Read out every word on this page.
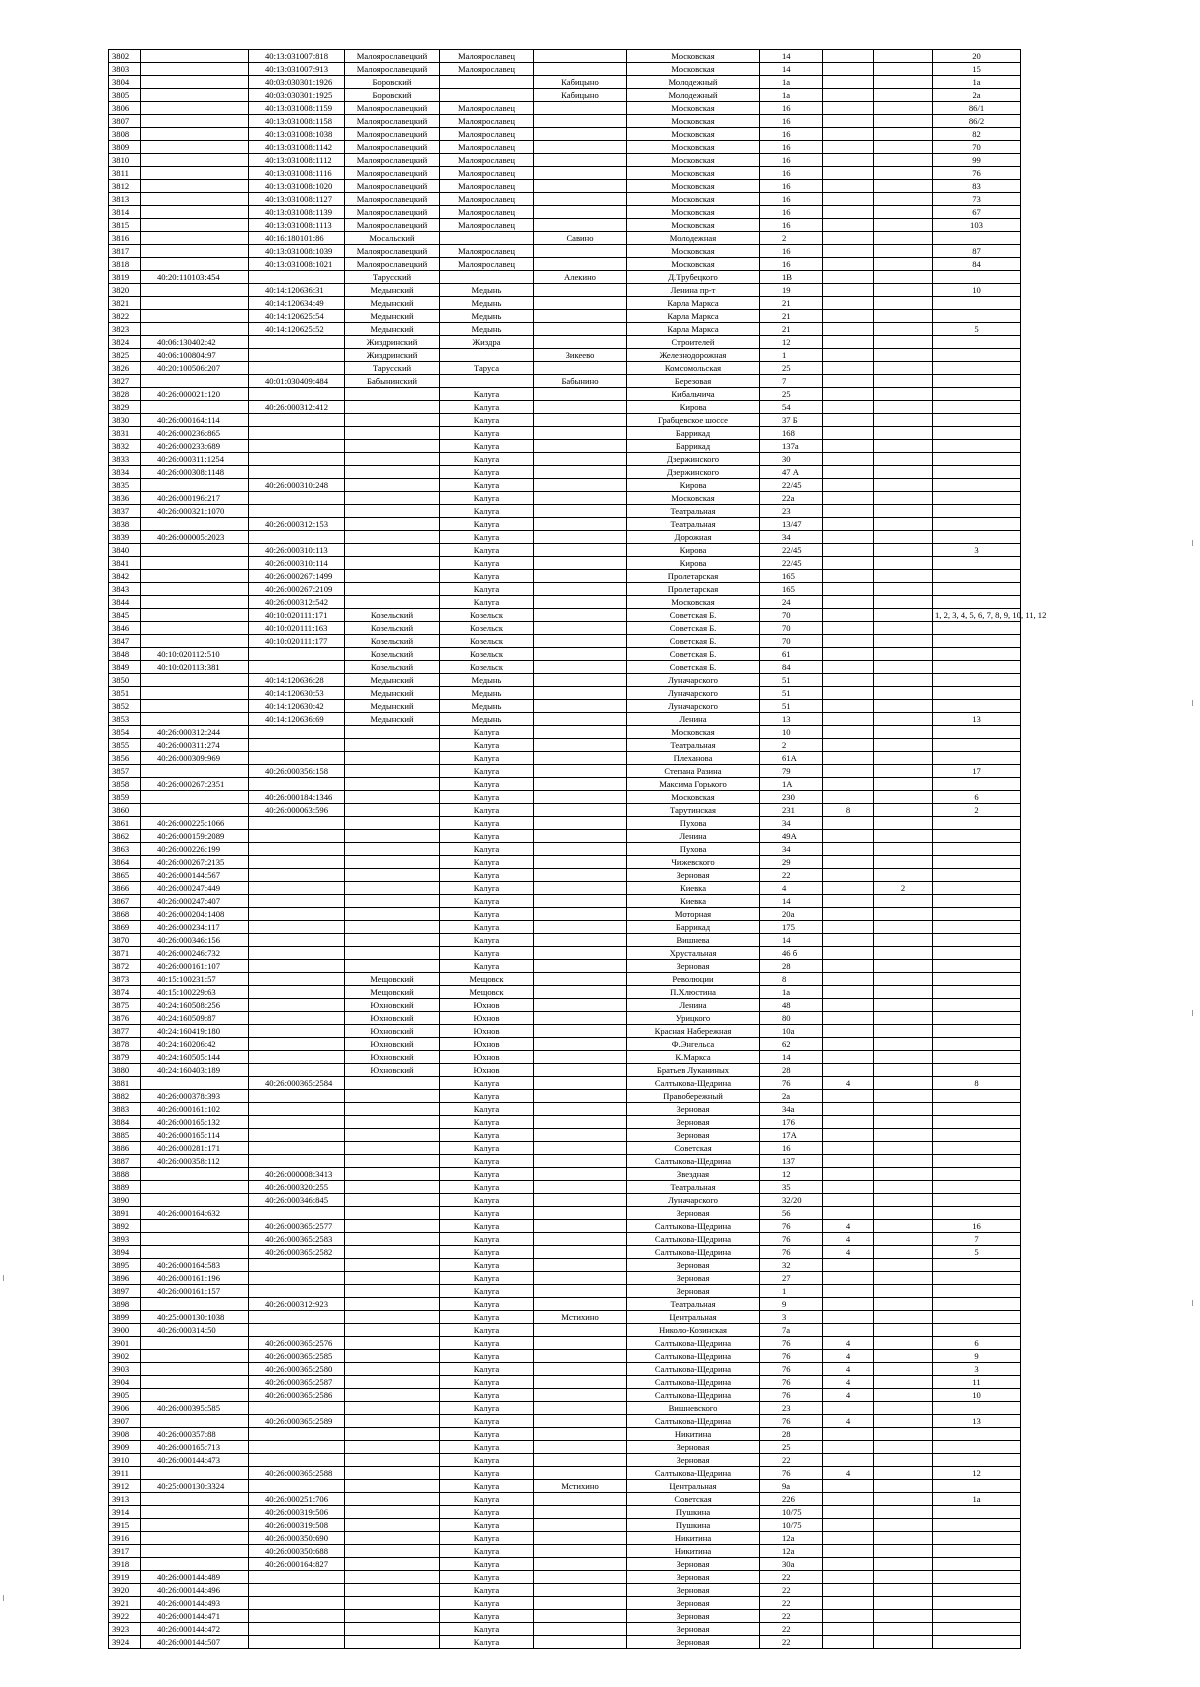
3802		40:13:031007:818	Малоярославецкий	Малоярославец		Московская	14			20
3803		40:13:031007:913	Малоярославецкий	Малоярославец		Московская	14			15
3804		40:03:030301:1926	Боровский		Кабицыно	Молодежный	1а			1а
3805		40:03:030301:1925	Боровский		Кабицыно	Молодежный	1а			2а
3806		40:13:031008:1159	Малоярославецкий	Малоярославец		Московская	16			86/1
3807		40:13:031008:1158	Малоярославецкий	Малоярославец		Московская	16			86/2
3808		40:13:031008:1038	Малоярославецкий	Малоярославец		Московская	16			82
3809		40:13:031008:1142	Малоярославецкий	Малоярославец		Московская	16			70
3810		40:13:031008:1112	Малоярославецкий	Малоярославец		Московская	16			99
3811		40:13:031008:1116	Малоярославецкий	Малоярославец		Московская	16			76
3812		40:13:031008:1020	Малоярославецкий	Малоярославец		Московская	16			83
3813		40:13:031008:1127	Малоярославецкий	Малоярославец		Московская	16			73
3814		40:13:031008:1139	Малоярославецкий	Малоярославец		Московская	16			67
3815		40:13:031008:1113	Малоярославецкий	Малоярославец		Московская	16			103
3816		40:16:180101:86	Мосальский		Савино	Молодежная	2			
3817		40:13:031008:1039	Малоярославецкий	Малоярославец		Московская	16			87
3818		40:13:031008:1021	Малоярославецкий	Малоярославец		Московская	16			84
3819	40:20:110103:454		Тарусский		Алекино	Д.Трубецкого	1В			
3820		40:14:120636:31	Медынский	Медынь		Ленина пр-т	19			10
3821		40:14:120634:49	Медынский	Медынь		Карла Маркса	21			
3822		40:14:120625:54	Медынский	Медынь		Карла Маркса	21			
3823		40:14:120625:52	Медынский	Медынь		Карла Маркса	21			5
3824	40:06:130402:42		Жиздринский	Жиздра		Строителей	12			
3825	40:06:100804:97		Жиздринский		Зикеево	Железнодорожная	1			
3826	40:20:100506:207		Тарусский	Таруса		Комсомольская	25			
3827		40:01:030409:484	Бабынинский		Бабынино	Березовая	7			
3828	40:26:000021:120			Калуга		Кибальчича	25			
3829		40:26:000312:412		Калуга		Кирова	54			
3830	40:26:000164:114			Калуга		Грабцевское шоссе	37 Б			
3831	40:26:000236:865			Калуга		Баррикад	168			
3832	40:26:000233:689			Калуга		Баррикад	137а			
3833	40:26:000311:1254			Калуга		Дзержинского	30			
3834	40:26:000308:1148			Калуга		Дзержинского	47 А			
3835		40:26:000310:248		Калуга		Кирова	22/45			
3836	40:26:000196:217			Калуга		Московская	22а			
3837	40:26:000321:1070			Калуга		Театральная	23			
3838		40:26:000312:153		Калуга		Театральная	13/47			
3839	40:26:000005:2023			Калуга		Дорожная	34			
3840		40:26:000310:113		Калуга		Кирова	22/45			3
3841		40:26:000310:114		Калуга		Кирова	22/45			
3842		40:26:000267:1499		Калуга		Пролетарская	165			
3843		40:26:000267:2109		Калуга		Пролетарская	165			
3844		40:26:000312:542		Калуга		Московская	24			
3845		40:10:020111:171	Козельский	Козельск		Советская Б.	70			1, 2, 3, 4, 5, 6, 7, 8, 9, 10, 11, 12
3846		40:10:020111:163	Козельский	Козельск		Советская Б.	70			
3847		40:10:020111:177	Козельский	Козельск		Советская Б.	70			
3848	40:10:020112:510		Козельский	Козельск		Советская Б.	61			
3849	40:10:020113:381		Козельский	Козельск		Советская Б.	84			
3850		40:14:120636:28	Медынский	Медынь		Луначарского	51			
3851		40:14:120630:53	Медынский	Медынь		Луначарского	51			
3852		40:14:120630:42	Медынский	Медынь		Луначарского	51			
3853		40:14:120636:69	Медынский	Медынь		Ленина	13			13
3854	40:26:000312:244			Калуга		Московская	10			
3855	40:26:000311:274			Калуга		Театральная	2			
3856	40:26:000309:969			Калуга		Плеханова	61А			
3857		40:26:000356:158		Калуга		Степана Разина	79			17
3858	40:26:000267:2351			Калуга		Максима Горького	1А			
3859		40:26:000184:1346		Калуга		Московская	230			6
3860		40:26:000063:596		Калуга		Тарутинская	231	8		2
3861	40:26:000225:1066			Калуга		Пухова	34			
3862	40:26:000159:2089			Калуга		Ленина	49А			
3863	40:26:000226:199			Калуга		Пухова	34			
3864	40:26:000267:2135			Калуга		Чижевского	29			
3865	40:26:000144:567			Калуга		Зерновая	22			
3866	40:26:000247:449			Калуга		Киевка	4		2	
3867	40:26:000247:407			Калуга		Киевка	14			
3868	40:26:000204:1408			Калуга		Моторная	20а			
3869	40:26:000234:117			Калуга		Баррикад	175			
3870	40:26:000346:156			Калуга		Вишнева	14			
3871	40:26:000246:732			Калуга		Хрустальная	46 б			
3872	40:26:000161:107			Калуга		Зерновая	28			
3873	40:15:100231:57		Мещовский	Мещовск		Революции	8			
3874	40:15:100229:63		Мещовский	Мещовск		П.Хлюстина	1а			
3875	40:24:160508:256		Юхновский	Юхнов		Ленина	48			
3876	40:24:160509:87		Юхновский	Юхнов		Урицкого	80			
3877	40:24:160419:180		Юхновский	Юхнов		Красная Набережная	10а			
3878	40:24:160206:42		Юхновский	Юхнов		Ф.Энгельса	62			
3879	40:24:160505:144		Юхновский	Юхнов		К.Маркса	14			
3880	40:24:160403:189		Юхновский	Юхнов		Братьев Луканиных	28			
3881		40:26:000365:2584		Калуга		Салтыкова-Щедрина	76	4		8
3882	40:26:000378:393			Калуга		Правобережный	2а			
3883	40:26:000161:102			Калуга		Зерновая	34а			
3884	40:26:000165:132			Калуга		Зерновая	176			
3885	40:26:000165:114			Калуга		Зерновая	17А			
3886	40:26:000281:171			Калуга		Советская	16			
3887	40:26:000358:112			Калуга		Салтыкова-Щедрина	137			
3888		40:26:000008:3413		Калуга		Звездная	12			
3889		40:26:000320:255		Калуга		Театральная	35			
3890		40:26:000346:845		Калуга		Луначарского	32/20			
3891	40:26:000164:632			Калуга		Зерновая	56			
3892		40:26:000365:2577		Калуга		Салтыкова-Щедрина	76	4		16
3893		40:26:000365:2583		Калуга		Салтыкова-Щедрина	76	4		7
3894		40:26:000365:2582		Калуга		Салтыкова-Щедрина	76	4		5
3895	40:26:000164:583			Калуга		Зерновая	32			
3896	40:26:000161:196			Калуга		Зерновая	27			
3897	40:26:000161:157			Калуга		Зерновая	1			
3898		40:26:000312:923		Калуга		Театральная	9			
3899	40:25:000130:1038			Калуга	Мстихино	Центральная	3			
3900	40:26:000314:50			Калуга		Николо-Козинская	7а			
3901		40:26:000365:2576		Калуга		Салтыкова-Щедрина	76	4		6
3902		40:26:000365:2585		Калуга		Салтыкова-Щедрина	76	4		9
3903		40:26:000365:2580		Калуга		Салтыкова-Щедрина	76	4		3
3904		40:26:000365:2587		Калуга		Салтыкова-Щедрина	76	4		11
3905		40:26:000365:2586		Калуга		Салтыкова-Щедрина	76	4		10
3906	40:26:000395:585			Калуга		Вишневского	23			
3907		40:26:000365:2589		Калуга		Салтыкова-Щедрина	76	4		13
3908	40:26:000357:88			Калуга		Никитина	28			
3909	40:26:000165:713			Калуга		Зерновая	25			
3910	40:26:000144:473			Калуга		Зерновая	22			
3911		40:26:000365:2588		Калуга		Салтыкова-Щедрина	76	4		12
3912	40:25:000130:3324			Калуга	Мстихино	Центральная	9а			
3913		40:26:000251:706		Калуга		Советская	226			1а
3914		40:26:000319:506		Калуга		Пушкина	10/75			
3915		40:26:000319:508		Калуга		Пушкина	10/75			
3916		40:26:000350:690		Калуга		Никитина	12а			
3917		40:26:000350:688		Калуга		Никитина	12а			
3918		40:26:000164:827		Калуга		Зерновая	30а			
3919	40:26:000144:489			Калуга		Зерновая	22			
3920	40:26:000144:496			Калуга		Зерновая	22			
3921	40:26:000144:493			Калуга		Зерновая	22			
3922	40:26:000144:471			Калуга		Зерновая	22			
3923	40:26:000144:472			Калуга		Зерновая	22			
3924	40:26:000144:507			Калуга		Зерновая	22			
